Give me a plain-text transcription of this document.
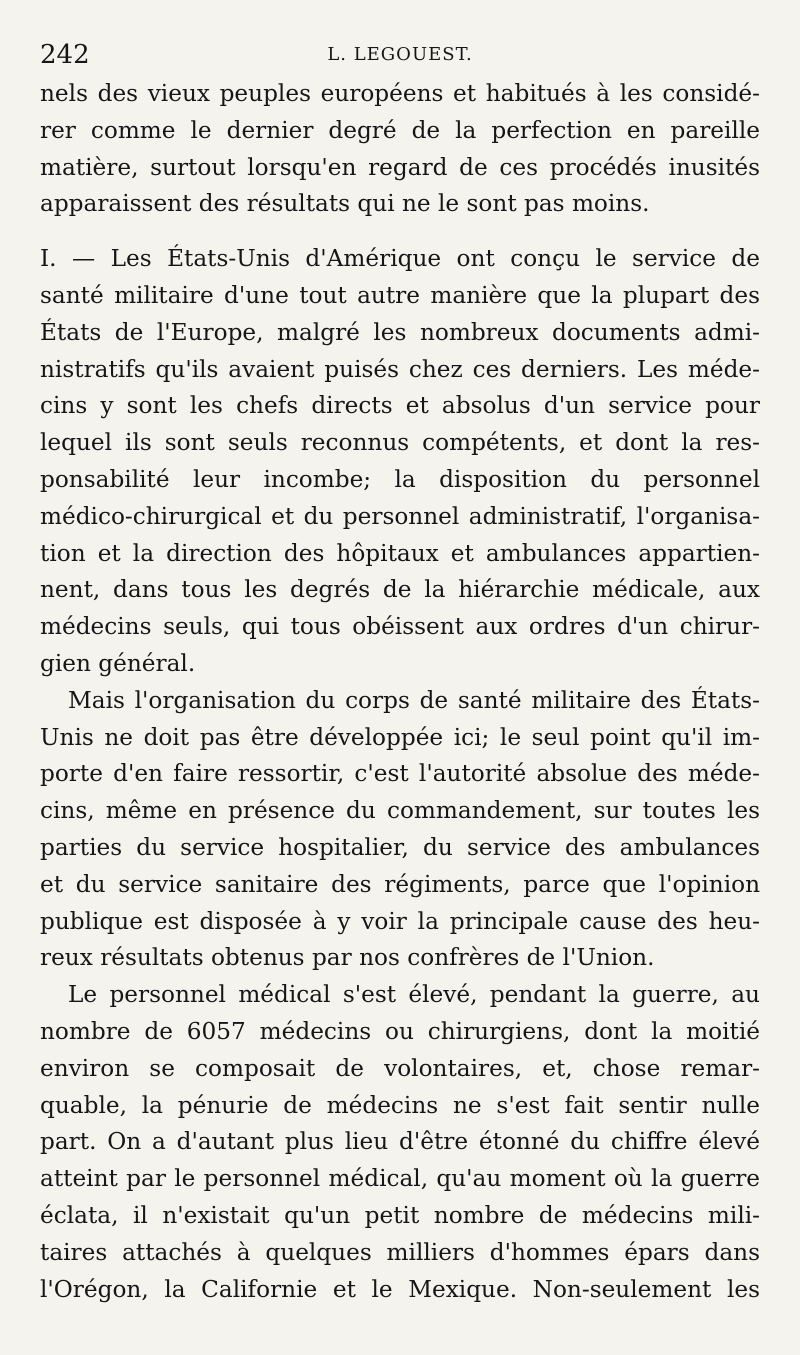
242	L. LEGOUEST.
nels des vieux peuples européens et habitués à les considé-
rer comme le dernier degré de la perfection en pareille
matière, surtout lorsqu'en regard de ces procédés inusités
apparaissent des résultats qui ne le sont pas moins.
I. — Les États-Unis d'Amérique ont conçu le service de
santé militaire d'une tout autre manière que la plupart des
États de l'Europe, malgré les nombreux documents admi-
nistratifs qu'ils avaient puisés chez ces derniers. Les méde-
cins y sont les chefs directs et absolus d'un service pour
lequel ils sont seuls reconnus compétents, et dont la res-
ponsabilité leur incombe; la disposition du personnel
médico-chirurgical et du personnel administratif, l'organisa-
tion et la direction des hôpitaux et ambulances appartien-
nent, dans tous les degrés de la hiérarchie médicale, aux
médecins seuls, qui tous obéissent aux ordres d'un chirur-
gien général.
Mais l'organisation du corps de santé militaire des États-
Unis ne doit pas être développée ici; le seul point qu'il im-
porte d'en faire ressortir, c'est l'autorité absolue des méde-
cins, même en présence du commandement, sur toutes les
parties du service hospitalier, du service des ambulances
et du service sanitaire des régiments, parce que l'opinion
publique est disposée à y voir la principale cause des heu-
reux résultats obtenus par nos confrères de l'Union.
Le personnel médical s'est élevé, pendant la guerre, au
nombre de 6057 médecins ou chirurgiens, dont la moitié
environ se composait de volontaires, et, chose remar-
quable, la pénurie de médecins ne s'est fait sentir nulle
part. On a d'autant plus lieu d'être étonné du chiffre élevé
atteint par le personnel médical, qu'au moment où la guerre
éclata, il n'existait qu'un petit nombre de médecins mili-
taires attachés à quelques milliers d'hommes épars dans
l'Orégon, la Californie et le Mexique. Non-seulement les
